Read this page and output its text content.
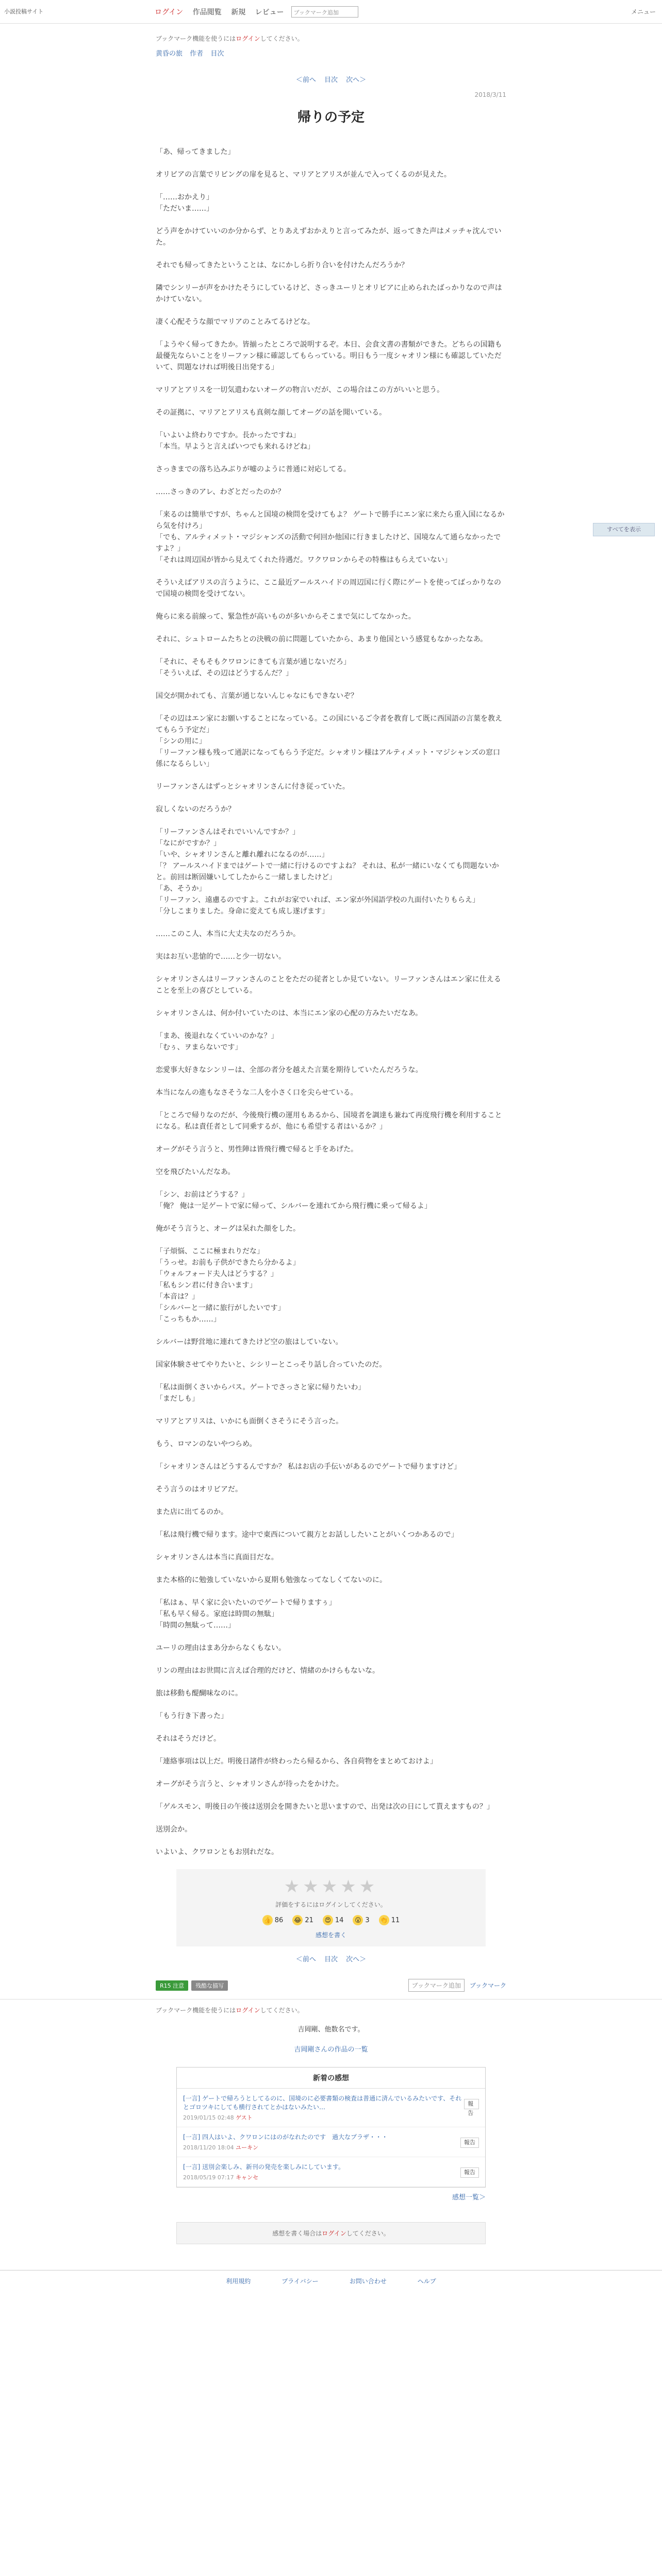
小説投稿サイト	ログイン 作品閲覧 新規 レビュー	ブックマーク追加	メニュー
ブックマーク機能を使うにはログインしてください。
黄昏の旅 作者 目次
＜前へ 目次 次へ＞
2018/3/11
帰りの予定

「あ、帰ってきました」

オリビアの言葉でリビングの扉を見ると、マリアとアリスが並んで入ってくるのが見えた。

「……おかえり」
「ただいま……」

どう声をかけていいのか分からず、とりあえずおかえりと言ってみたが、返ってきた声はメッチャ沈んでいた。

それでも帰ってきたということは、なにかしら折り合いを付けたんだろうか？

隣でシンリーが声をかけたそうにしているけど、さっきユーリとオリビアに止められたばっかりなので声はかけていない。

凄く心配そうな顔でマリアのことみてるけどな。

「ようやく帰ってきたか。皆揃ったところで説明するぞ。本日、会食文書の書類ができた。どちらの国籍も最優先ならいことをリーファン様に確認してもらっている。明日もう一度シャオリン様にも確認していただいて、問題なければ明後日出発する」

マリアとアリスを一切気遣わないオーグの物言いだが、この場合はこの方がいいと思う。

その証拠に、マリアとアリスも真剣な顔してオーグの話を聞いている。

「いよいよ終わりですか。長かったですね」
「本当。早ようと言えばいつでも来れるけどね」

さっきまでの落ち込みぶりが嘘のように普通に対応してる。

……さっきのアレ、わざとだったのか？

「来るのは簡単ですが、ちゃんと国境の検問を受けてもよ？ ゲートで勝手にエン家に来たら重入国になるから気を付けろ」
「でも、アルティメット・マジシャンズの活動で何回か他国に行きましたけど、国境なんて通らなかったですよ？」
「それは周辺国が皆から見えてくれた待遇だ。ワクワロンからその特権はもらえていない」

そういえばアリスの言うように、ここ最近アールスハイドの周辺国に行く際にゲートを使ってばっかりなので国境の検問を受けてない。

俺らに来る前線って、緊急性が高いものが多いからそこまで気にしてなかった。

それに、シュトロームたちとの決戦の前に問題していたから、あまり他国という感覚もなかったなあ。

「それに、そもそもクワロンにきても言葉が通じないだろ」
「そういえば、その辺はどうするんだ？」

国交が開かれても、言葉が通じないんじゃなにもできないぞ？

「その辺はエン家にお願いすることになっている。この国にいるご令者を教育して既に西国語の言葉を教えてもらう予定だ」
「シンの用に」
「リーファン様も残って通訳になってもらう予定だ。シャオリン様はアルティメット・マジシャンズの窓口係になるらしい」

リーファンさんはずっとシャオリンさんに付き従っていた。

寂しくないのだろうか？

「リーファンさんはそれでいいんですか？」
「なにがですか？」
「いや、シャオリンさんと離れ離れになるのが……」
「？ アールスハイドまではゲートで一緒に行けるのですよね？ それは、私が一緒にいなくても問題ないかと。前回は断固嫌いしてしたからこ一緒しましたけど」
「あ、そうか」
「リーファン、遠慮るのですよ。これがお家でいれば、エン家が外国語学校の九面付いたりもらえ」
「分しこまりました。身命に変えても成し遂げます」

……このこ人、本当に大丈夫なのだろうか。

実はお互い悲愴的で……と少一切ない。

シャオリンさんはリーファンさんのことをただの従者としか見ていない。リーファンさんはエン家に仕えることを至上の喜びとしている。

シャオリンさんは、何か付いていたのは、本当にエン家の心配の方みたいだなあ。

「まあ、後退れなくていいのかな？」
「むぅ、ヲまらないです」

恋愛事大好きなシンリーは、全部の者分を越えた言葉を期待していたんだろうな。

本当になんの進もなさそうな二人を小さく口を尖らせている。

「ところで帰りなのだが、今後飛行機の運用もあるから、国境者を調達も兼ねて再度飛行機を利用することになる。私は責任者として同乗するが、他にも希望する者はいるか？」

オーグがそう言うと、男性陣は皆飛行機で帰ると手をあげた。

空を飛びたいんだなあ。

「シン、お前はどうする？」
「俺？ 俺は一足ゲートで家に帰って、シルバーを連れてから飛行機に乗って帰るよ」

俺がそう言うと、オーグは呆れた顔をした。

「子煩悩、ここに極まれりだな」
「うっせ。お前も子供ができたら分かるよ」
「ウォルフォード夫人はどうする？」
「私もシン君に付き合います」
「本音は？」
「シルバーと一緒に旅行がしたいです」
「こっちもか……」

シルバーは野営地に連れてきたけど空の旅はしていない。

国家体験させてやりたいと、シシリーとこっそり話し合っていたのだ。

「私は面倒くさいからパス。ゲートでさっさと家に帰りたいわ」
「まだしも」

マリアとアリスは、いかにも面倒くさそうにそう言った。

もう、ロマンのないやつらめ。

「シャオリンさんはどうするんですか？ 私はお店の手伝いがあるのでゲートで帰りますけど」

そう言うのはオリビアだ。

また店に出てるのか。

「私は飛行機で帰ります。途中で東西について親方とお話ししたいことがいくつかあるので」

シャオリンさんは本当に真面目だな。

また本格的に勉強していないから夏期も勉強なってなしくてないのに。

「私はぁ、早く家に会いたいのでゲートで帰りますぅ」
「私も早く帰る。家庭は時間の無駄」
「時間の無駄って……」

ユーリの理由はまあ分からなくもない。

リンの理由はお世間に言えば合理的だけど、情緒のかけらもないな。

旅は移動も醍醐味なのに。

「もう行き下書った」

それはそうだけど。

「連絡事項は以上だ。明後日諸件が終わったら帰るから、各自荷物をまとめておけよ」

オーグがそう言うと、シャオリンさんが待ったをかけた。

「ゲルスモン、明後日の午後は送別会を開きたいと思いますので、出発は次の日にして貰えますもの？」

送別会か。

いよいよ、クワロンともお別れだな。

すべてを表示
★★★★★
評価をするにはログインしてください。
👍 86 😂 21	😍 14	😮 3 👏 11
感想を書く
＜前へ 目次 次へ＞
R15 注意 残酷な描写	ブックマーク追加	ブックマーク
ブックマーク機能を使うにはログインしてください。
吉岡剛、他数名です。
吉岡剛さんの作品の一覧
新着の感想
[一言] ゲートで帰ろうとしてるのに、国境のに必要書類の検査は普通に済んでいるみたいです、それとゴロツキにしても横行されてとかはないみたい…
2019/01/15 02:48 ゲスト
報告
[一言] 四人はいよ、クワロンにはのがなれたのです　過大なプラザ・・・
2018/11/20 18:04 ユーキン
報告
[一言] 送別会楽しみ、新刊の発売を楽しみにしています。
2018/05/19 07:17 キャンセ
報告
感想一覧＞
感想を書く場合はログインしてください。
利用規約	プライバシー	お問い合わせ	ヘルプ
